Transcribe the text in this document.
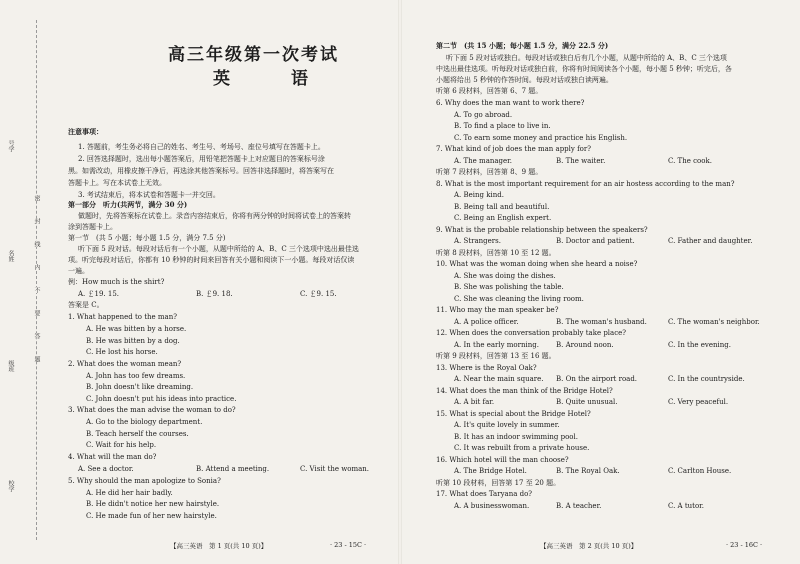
号学
名姓
级班
校学
密
封
线
内
不
要
答
题
高三年级第一次考试
英　语
注意事项：
1. 答题前，考生务必将自己的姓名、考生号、考场号、座位号填写在答题卡上。
2. 回答选择题时，选出每小题答案后，用铅笔把答题卡上对应题目的答案标号涂
黑。如需改动，用橡皮擦干净后，再选涂其他答案标号。回答非选择题时，将答案写在
答题卡上。写在本试卷上无效。
3. 考试结束后，将本试卷和答题卡一并交回。
第一部分　听力(共两节，满分 30 分)
做题时，先将答案标在试卷上。录音内容结束后，你将有两分钟的时间将试卷上的答案转
涂到答题卡上。
第一节　(共 5 小题；每小题 1.5 分，满分 7.5 分)
听下面 5 段对话。每段对话后有一个小题，从题中所给的 A、B、C 三个选项中选出最佳选
项。听完每段对话后，你都有 10 秒钟的时间来回答有关小题和阅读下一小题。每段对话仅读
一遍。
例：How much is the shirt?
A. ￡19. 15.	B. ￡9. 18.	C. ￡9. 15.
答案是 C。
1. What happened to the man?
A. He was bitten by a horse.
B. He was bitten by a dog.
C. He lost his horse.
2. What does the woman mean?
A. John has too few dreams.
B. John doesn't like dreaming.
C. John doesn't put his ideas into practice.
3. What does the man advise the woman to do?
A. Go to the biology department.
B. Teach herself the courses.
C. Wait for his help.
4. What will the man do?
A. See a doctor.	B. Attend a meeting.	C. Visit the woman.
5. Why should the man apologize to Sonia?
A. He did her hair badly.
B. He didn't notice her new hairstyle.
C. He made fun of her new hairstyle.
第二节　(共 15 小题；每小题 1.5 分，满分 22.5 分)
听下面 5 段对话或独白。每段对话或独白后有几个小题，从题中所给的 A、B、C 三个选项
中选出最佳选项。听每段对话或独白前，你将有时间阅读各个小题，每小题 5 秒钟；听完后，各
小题将给出 5 秒钟的作答时间。每段对话或独白读两遍。
听第 6 段材料，回答第 6、7 题。
6. Why does the man want to work there?
A. To go abroad.
B. To find a place to live in.
C. To earn some money and practice his English.
7. What kind of job does the man apply for?
A. The manager.	B. The waiter.	C. The cook.
听第 7 段材料，回答第 8、9 题。
8. What is the most important requirement for an air hostess according to the man?
A. Being kind.
B. Being tall and beautiful.
C. Being an English expert.
9. What is the probable relationship between the speakers?
A. Strangers.	B. Doctor and patient.	C. Father and daughter.
听第 8 段材料，回答第 10 至 12 题。
10. What was the woman doing when she heard a noise?
A. She was doing the dishes.
B. She was polishing the table.
C. She was cleaning the living room.
11. Who may the man speaker be?
A. A police officer.	B. The woman's husband.	C. The woman's neighbor.
12. When does the conversation probably take place?
A. In the early morning. B. Around noon.	C. In the evening.
听第 9 段材料，回答第 13 至 16 题。
13. Where is the Royal Oak?
A. Near the main square. B. On the airport road.	C. In the countryside.
14. What does the man think of the Bridge Hotel?
A. A bit far.	B. Quite unusual.	C. Very peaceful.
15. What is special about the Bridge Hotel?
A. It's quite lovely in summer.
B. It has an indoor swimming pool.
C. It was rebuilt from a private house.
16. Which hotel will the man choose?
A. The Bridge Hotel.	B. The Royal Oak.	C. Carlton House.
听第 10 段材料，回答第 17 至 20 题。
17. What does Taryana do?
A. A businesswoman.	B. A teacher.	C. A tutor.
【高三英语　第 1 页(共 10 页)】	· 23 - 15C ·	【高三英语　第 2 页(共 10 页)】	· 23 - 16C ·
